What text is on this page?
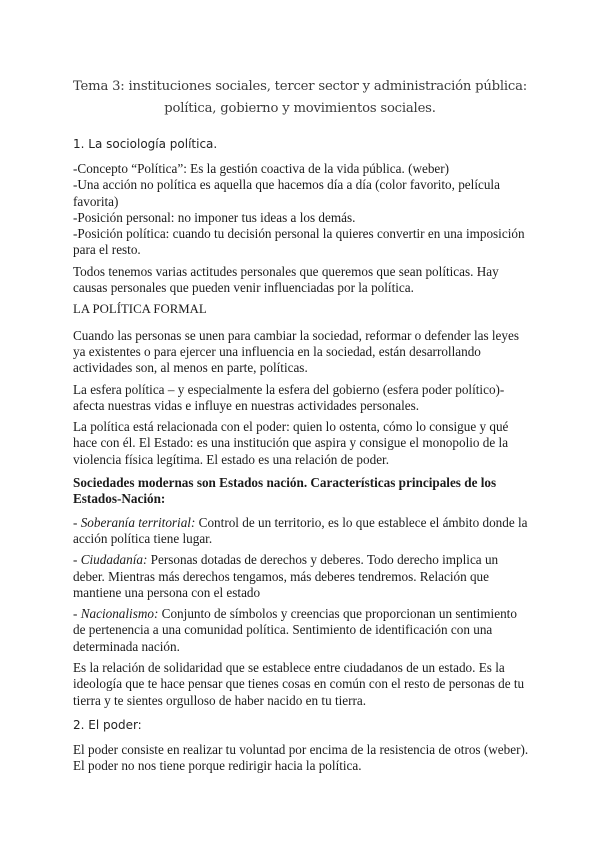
Tema 3: instituciones sociales, tercer sector y administración pública: política, gobierno y movimientos sociales.
1. La sociología política.
-Concepto “Política”: Es la gestión coactiva de la vida pública. (weber)
-Una acción no política es aquella que hacemos día a día (color favorito, película favorita)
-Posición personal: no imponer tus ideas a los demás.
-Posición política: cuando tu decisión personal la quieres convertir en una imposición para el resto.
Todos tenemos varias actitudes personales que queremos que sean políticas. Hay causas personales que pueden venir influenciadas por la política.
LA POLÍTICA FORMAL
Cuando las personas se unen para cambiar la sociedad, reformar o defender las leyes ya existentes o para ejercer una influencia en la sociedad, están desarrollando actividades son, al menos en parte, políticas.
La esfera política – y especialmente la esfera del gobierno (esfera poder político)- afecta nuestras vidas e influye en nuestras actividades personales.
La política está relacionada con el poder: quien lo ostenta, cómo lo consigue y qué hace con él. El Estado: es una institución que aspira y consigue el monopolio de la violencia física legítima. El estado es una relación de poder.
Sociedades modernas son Estados nación. Características principales de los Estados-Nación:
- Soberanía territorial: Control de un territorio, es lo que establece el ámbito donde la acción política tiene lugar.
- Ciudadanía: Personas dotadas de derechos y deberes. Todo derecho implica un deber. Mientras más derechos tengamos, más deberes tendremos. Relación que mantiene una persona con el estado
- Nacionalismo: Conjunto de símbolos y creencias que proporcionan un sentimiento de pertenencia a una comunidad política. Sentimiento de identificación con una determinada nación.
Es la relación de solidaridad que se establece entre ciudadanos de un estado. Es la ideología que te hace pensar que tienes cosas en común con el resto de personas de tu tierra y te sientes orgulloso de haber nacido en tu tierra.
2. El poder:
El poder consiste en realizar tu voluntad por encima de la resistencia de otros (weber). El poder no nos tiene porque redirigir hacia la política.
